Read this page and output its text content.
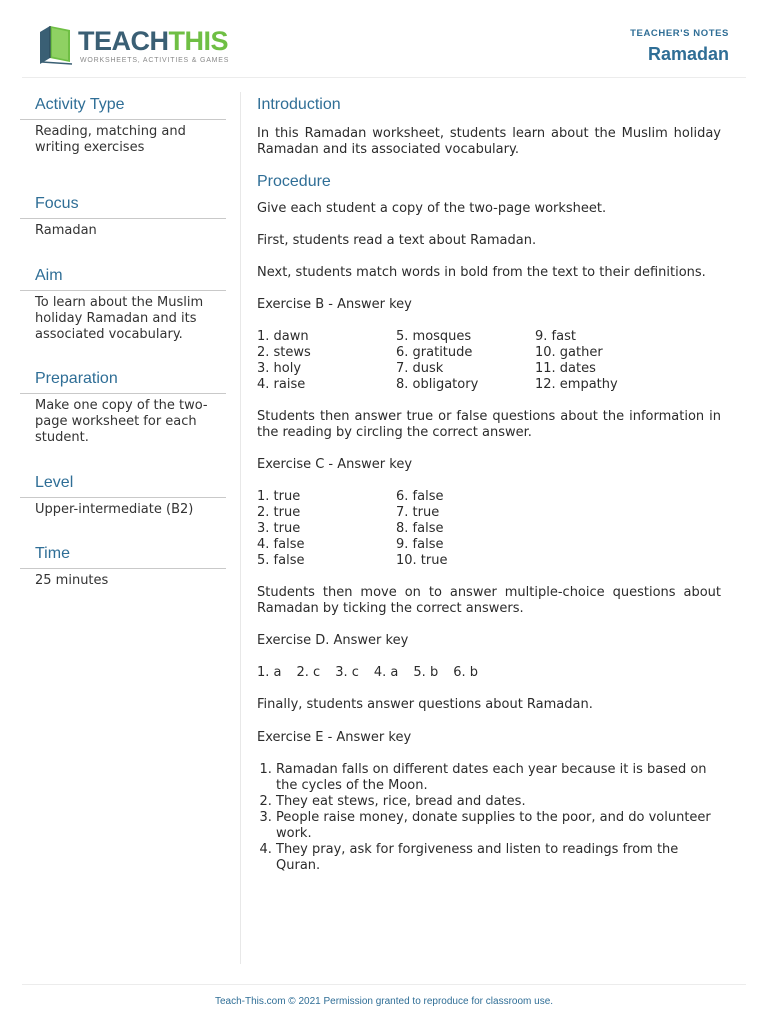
TEACHTHIS
WORKSHEETS, ACTIVITIES & GAMES
TEACHER'S NOTES
Ramadan
Activity Type
Reading, matching and writing exercises
Focus
Ramadan
Aim
To learn about the Muslim holiday Ramadan and its associated vocabulary.
Preparation
Make one copy of the two-page worksheet for each student.
Level
Upper-intermediate (B2)
Time
25 minutes
Introduction

In this Ramadan worksheet, students learn about the Muslim holiday Ramadan and its associated vocabulary.

Procedure

Give each student a copy of the two-page worksheet.

First, students read a text about Ramadan.

Next, students match words in bold from the text to their definitions.

Exercise B - Answer key

1. dawn
2. stews
3. holy
4. raise
5. mosques
6. gratitude
7. dusk
8. obligatory
9. fast
10. gather
11. dates
12. empathy

Students then answer true or false questions about the information in the reading by circling the correct answer.

Exercise C - Answer key

1. true
2. true
3. true
4. false
5. false
6. false
7. true
8. false
9. false
10. true

Students then move on to answer multiple-choice questions about Ramadan by ticking the correct answers.

Exercise D. Answer key

1. a 2. c 3. c 4. a 5. b 6. b

Finally, students answer questions about Ramadan.

Exercise E - Answer key

1. Ramadan falls on different dates each year because it is based on the cycles of the Moon.
2. They eat stews, rice, bread and dates.
3. People raise money, donate supplies to the poor, and do volunteer work.
4. They pray, ask for forgiveness and listen to readings from the Quran.
Teach-This.com © 2021 Permission granted to reproduce for classroom use.
